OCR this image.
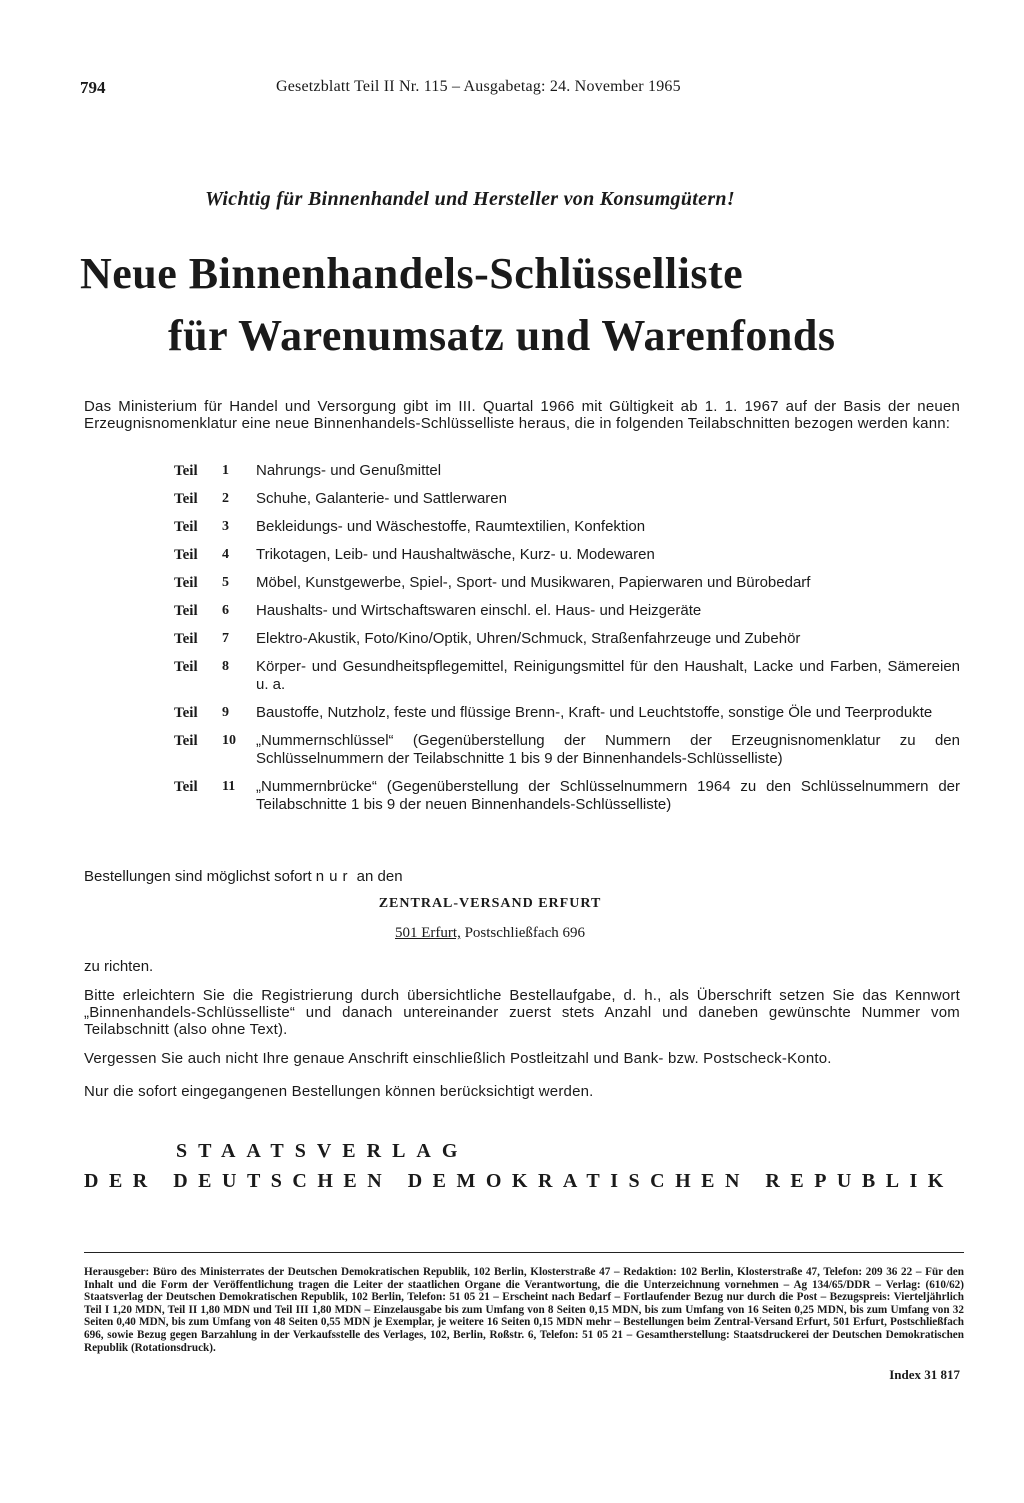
794	Gesetzblatt Teil II Nr. 115 – Ausgabetag: 24. November 1965
Wichtig für Binnenhandel und Hersteller von Konsumgütern!
Neue Binnenhandels-Schlüsselliste
für Warenumsatz und Warenfonds
Das Ministerium für Handel und Versorgung gibt im III. Quartal 1966 mit Gültigkeit ab 1. 1. 1967 auf der Basis der neuen Erzeugnisnomenklatur eine neue Binnenhandels-Schlüsselliste heraus, die in folgenden Teilabschnitten bezogen werden kann:
Teil	1	Nahrungs- und Genußmittel
Teil	2	Schuhe, Galanterie- und Sattlerwaren
Teil	3	Bekleidungs- und Wäschestoffe, Raumtextilien, Konfektion
Teil	4	Trikotagen, Leib- und Haushaltwäsche, Kurz- u. Modewaren
Teil	5	Möbel, Kunstgewerbe, Spiel-, Sport- und Musikwaren, Papierwaren und Bürobedarf
Teil	6	Haushalts- und Wirtschaftswaren einschl. el. Haus- und Heizgeräte
Teil	7	Elektro-Akustik, Foto/Kino/Optik, Uhren/Schmuck, Straßenfahrzeuge und Zubehör
Teil	8	Körper- und Gesundheitspflegemittel, Reinigungsmittel für den Haushalt, Lacke und Farben, Sämereien u. a.
Teil	9	Baustoffe, Nutzholz, feste und flüssige Brenn-, Kraft- und Leuchtstoffe, sonstige Öle und Teerprodukte
Teil	10	„Nummernschlüssel“ (Gegenüberstellung der Nummern der Erzeugnisnomenklatur zu den Schlüsselnummern der Teilabschnitte 1 bis 9 der Binnenhandels-Schlüsselliste)
Teil	11	„Nummernbrücke“ (Gegenüberstellung der Schlüsselnummern 1964 zu den Schlüsselnummern der Teilabschnitte 1 bis 9 der neuen Binnenhandels-Schlüsselliste)
Bestellungen sind möglichst sofort nur an den
ZENTRAL-VERSAND ERFURT
501 Erfurt, Postschließfach 696
zu richten.
Bitte erleichtern Sie die Registrierung durch übersichtliche Bestellaufgabe, d. h., als Überschrift setzen Sie das Kennwort „Binnenhandels-Schlüsselliste“ und danach untereinander zuerst stets Anzahl und daneben gewünschte Nummer vom Teilabschnitt (also ohne Text).
Vergessen Sie auch nicht Ihre genaue Anschrift einschließlich Postleitzahl und Bank- bzw. Postscheck-Konto.
Nur die sofort eingegangenen Bestellungen können berücksichtigt werden.
STAATSVERLAG
DER DEUTSCHEN DEMOKRATISCHEN REPUBLIK
Herausgeber: Büro des Ministerrates der Deutschen Demokratischen Republik, 102 Berlin, Klosterstraße 47 – Redaktion: 102 Berlin, Klosterstraße 47, Telefon: 209 36 22 – Für den Inhalt und die Form der Veröffentlichung tragen die Leiter der staatlichen Organe die Verantwortung, die die Unterzeichnung vornehmen – Ag 134/65/DDR – Verlag: (610/62) Staatsverlag der Deutschen Demokratischen Republik, 102 Berlin, Telefon: 51 05 21 – Erscheint nach Bedarf – Fortlaufender Bezug nur durch die Post – Bezugspreis: Vierteljährlich Teil I 1,20 MDN, Teil II 1,80 MDN und Teil III 1,80 MDN – Einzelausgabe bis zum Umfang von 8 Seiten 0,15 MDN, bis zum Umfang von 16 Seiten 0,25 MDN, bis zum Umfang von 32 Seiten 0,40 MDN, bis zum Umfang von 48 Seiten 0,55 MDN je Exemplar, je weitere 16 Seiten 0,15 MDN mehr – Bestellungen beim Zentral-Versand Erfurt, 501 Erfurt, Postschließfach 696, sowie Bezug gegen Barzahlung in der Verkaufsstelle des Verlages, 102, Berlin, Roßstr. 6, Telefon: 51 05 21 – Gesamtherstellung: Staatsdruckerei der Deutschen Demokratischen Republik (Rotationsdruck).
Index 31 817
